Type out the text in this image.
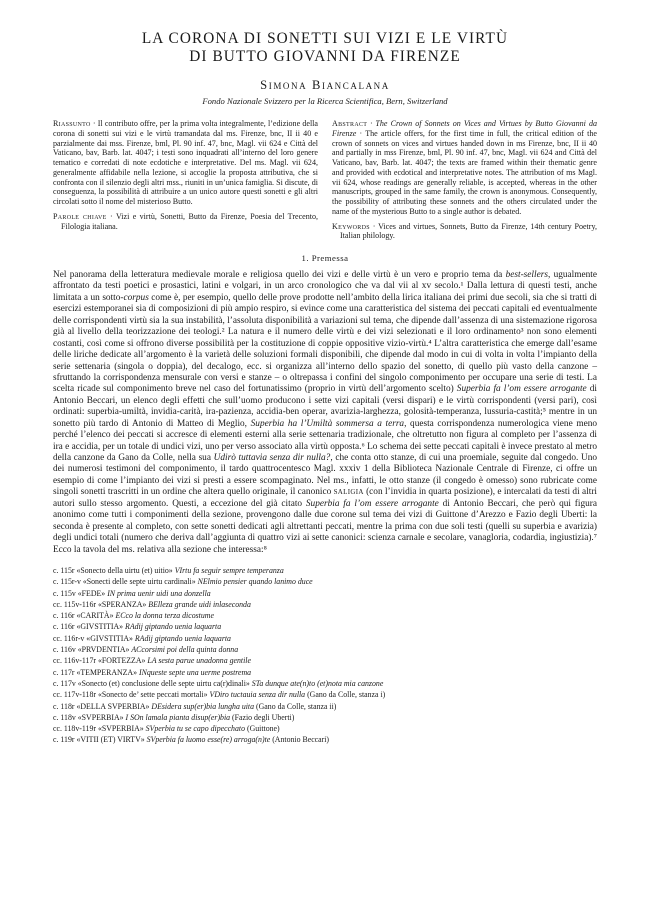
LA CORONA DI SONETTI SUI VIZI E LE VIRTÙ
DI BUTTO GIOVANNI DA FIRENZE
Simona Biancalana
Fondo Nazionale Svizzero per la Ricerca Scientifica, Bern, Switzerland

Riassunto · Il contributo offre, per la prima volta integralmente, l’edizione della corona di sonetti sui vizi e le virtù tramandata dal ms. Firenze, bnc, II ii 40 e parzialmente dai mss. Firenze, bml, Pl. 90 inf. 47, bnc, Magl. vii 624 e Città del Vaticano, bav, Barb. lat. 4047; i testi sono inquadrati all’interno del loro genere tematico e corredati di note ecdotiche e interpretative. Del ms. Magl. vii 624, generalmente affidabile nella lezione, si accoglie la proposta attributiva, che si confronta con il silenzio degli altri mss., riuniti in un’unica famiglia. Si discute, di conseguenza, la possibilità di attribuire a un unico autore questi sonetti e gli altri circolati sotto il nome del misterioso Butto.

Parole chiave · Vizi e virtù, Sonetti, Butto da Firenze, Poesia del Trecento, Filologia italiana.

Abstract · The Crown of Sonnets on Vices and Virtues by Butto Giovanni da Firenze · The article offers, for the first time in full, the critical edition of the crown of sonnets on vices and virtues handed down in ms Firenze, bnc, II ii 40 and partially in mss Firenze, bml, Pl. 90 inf. 47, bnc, Magl. vii 624 and Città del Vaticano, bav, Barb. lat. 4047; the texts are framed within their thematic genre and provided with ecdotical and interpretative notes. The attribution of ms Magl. vii 624, whose readings are generally reliable, is accepted, whereas in the other manuscripts, grouped in the same family, the crown is anonymous. Consequently, the possibility of attributing these sonnets and the others circulated under the name of the mysterious Butto to a single author is debated.

Keywords · Vices and virtues, Sonnets, Butto da Firenze, 14th century Poetry, Italian philology.

1. Premessa

Nel panorama della letteratura medievale morale e religiosa quello dei vizi e delle virtù è un vero e proprio tema da best-sellers, ugualmente affrontato da testi poetici e prosastici, latini e volgari, in un arco cronologico che va dal vii al xv secolo.¹ Dalla lettura di questi testi, anche limitata a un sotto-corpus come è, per esempio, quello delle prove prodotte nell’ambito della lirica italiana dei primi due secoli, sia che si tratti di esercizi estemporanei sia di composizioni di più ampio respiro, si evince come una caratteristica del sistema dei peccati capitali ed eventualmente delle corrispondenti virtù sia la sua instabilità, l’assoluta disponibilità a variazioni sul tema, che dipende dall’assenza di una sistemazione rigorosa già al livello della teorizzazione dei teologi.² La natura e il numero delle virtù e dei vizi selezionati e il loro ordinamento³ non sono elementi costanti, così come si offrono diverse possibilità per la costituzione di coppie oppositive vizio-virtù.⁴ L’altra caratteristica che emerge dall’esame delle liriche dedicate all’argomento è la varietà delle soluzioni formali disponibili, che dipende dal modo in cui di volta in volta l’impianto della serie settenaria (singola o doppia), del decalogo, ecc. si organizza all’interno dello spazio del sonetto, di quello più vasto della canzone – sfruttando la corrispondenza mensurale con versi e stanze – o oltrepassa i confini del singolo componimento per occupare una serie di testi. La scelta ricade sul componimento breve nel caso del fortunatissimo (proprio in virtù dell’argomento scelto) Superbia fa l’om essere arrogante di Antonio Beccari, un elenco degli effetti che sull’uomo producono i sette vizi capitali (versi dispari) e le virtù corrispondenti (versi pari), così ordinati: superbia-umiltà, invidia-carità, ira-pazienza, accidia-ben operar, avarizia-larghezza, golosità-temperanza, lussuria-castità;⁵ mentre in un sonetto più tardo di Antonio di Matteo di Meglio, Superbia ha l’Umiltà sommersa a terra, questa corrispondenza numerologica viene meno perché l’elenco dei peccati si accresce di elementi esterni alla serie settenaria tradizionale, che oltretutto non figura al completo per l’assenza di ira e accidia, per un totale di undici vizi, uno per verso associato alla virtù opposta.⁶ Lo schema dei sette peccati capitali è invece prestato al metro della canzone da Gano da Colle, nella sua Udirò tuttavia senza dir nulla?, che conta otto stanze, di cui una proemiale, seguite dal congedo. Uno dei numerosi testimoni del componimento, il tardo quattrocentesco Magl. xxxiv 1 della Biblioteca Nazionale Centrale di Firenze, ci offre un esempio di come l’impianto dei vizi si presti a essere scompaginato. Nel ms., infatti, le otto stanze (il congedo è omesso) sono rubricate come singoli sonetti trascritti in un ordine che altera quello originale, il canonico saligia (con l’invidia in quarta posizione), e intercalati da testi di altri autori sullo stesso argomento. Questi, a eccezione del già citato Superbia fa l’om essere arrogante di Antonio Beccari, che però qui figura anonimo come tutti i componimenti della sezione, provengono dalle due corone sul tema dei vizi di Guittone d’Arezzo e Fazio degli Uberti: la seconda è presente al completo, con sette sonetti dedicati agli altrettanti peccati, mentre la prima con due soli testi (quelli su superbia e avarizia) degli undici totali (numero che deriva dall’aggiunta di quattro vizi ai sette canonici: scienza carnale e secolare, vanagloria, codardia, ingiustizia).⁷ Ecco la tavola del ms. relativa alla sezione che interessa:⁸

c. 115r «Sonecto della uirtu (et) uitio» VIrtu fa seguir sempre temperanza
c. 115r-v «Sonecti delle septe uirtu cardinali» NElmio pensier quando lanimo duce
c. 115v «FEDE» IN prima uenir uidi una donzella
cc. 115v-116r «SPERANZA» BElleza grande uidi inlaseconda
c. 116r «CARITÀ» ECco la donna terza dicostume
c. 116r «GIVSTITIA» RAdij giptando uenia laquarta
cc. 116r-v «GIVSTITIA» RAdij giptando uenia laquarta
c. 116v «PRVDENTIA» ACcorsimi poi della quinta donna
cc. 116v-117r «FORTEZZA» LA sesta parue unadonna gentile
c. 117r «TEMPERANZA» INqueste septe una uerme postrema
c. 117v «Sonecto (et) conclusione delle septe uirtu ca(r)dinali» STa dunque ate(n)to (et)nota mia canzone
cc. 117v-118r «Sonecto de’ sette peccati mortali» VDiro tuctauia senza dir nulla (Gano da Colle, stanza i)
c. 118r «DELLA SVPERBIA» DEsidera sup(er)bia lungha uita (Gano da Colle, stanza ii)
c. 118v «SVPERBIA» I SOn lamala pianta disup(er)bia (Fazio degli Uberti)
cc. 118v-119r «SVPERBIA» SVperbia tu se capo dipecchato (Guittone)
c. 119r «VITII (ET) VIRTV» SVperbia fa luomo esse(re) arroga(n)te (Antonio Beccari)
